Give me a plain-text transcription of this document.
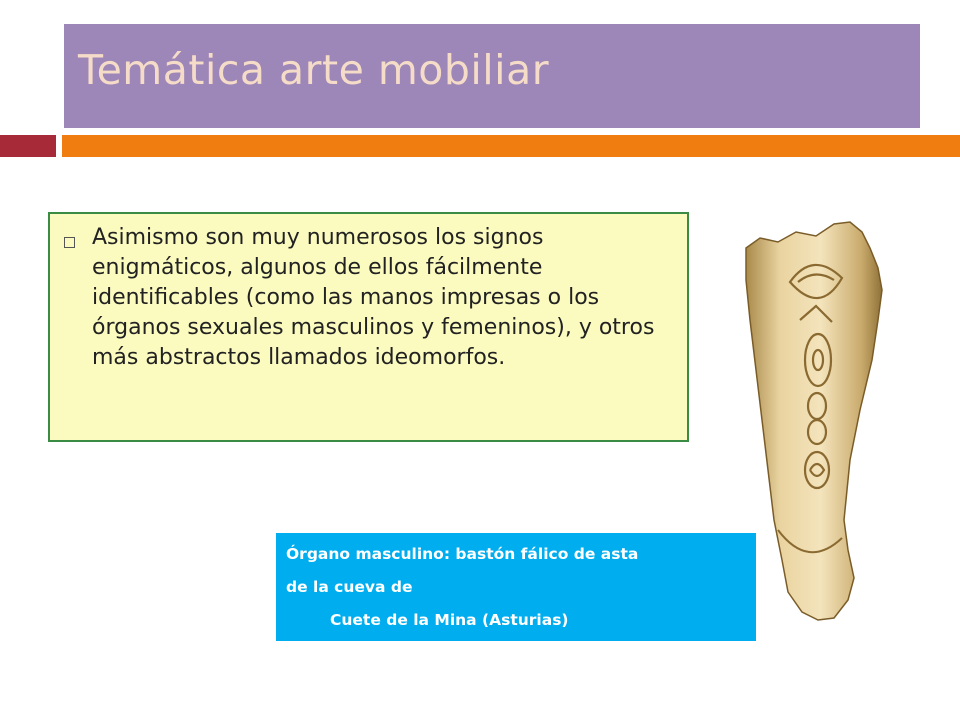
Temática arte mobiliar

Asimismo son muy numerosos los signos enigmáticos, algunos de ellos fácilmente identificables (como las manos impresas o los órganos sexuales masculinos y femeninos), y otros más abstractos llamados ideomorfos.

Órgano masculino: bastón fálico de asta
de la cueva de
Cuete de la Mina (Asturias)
